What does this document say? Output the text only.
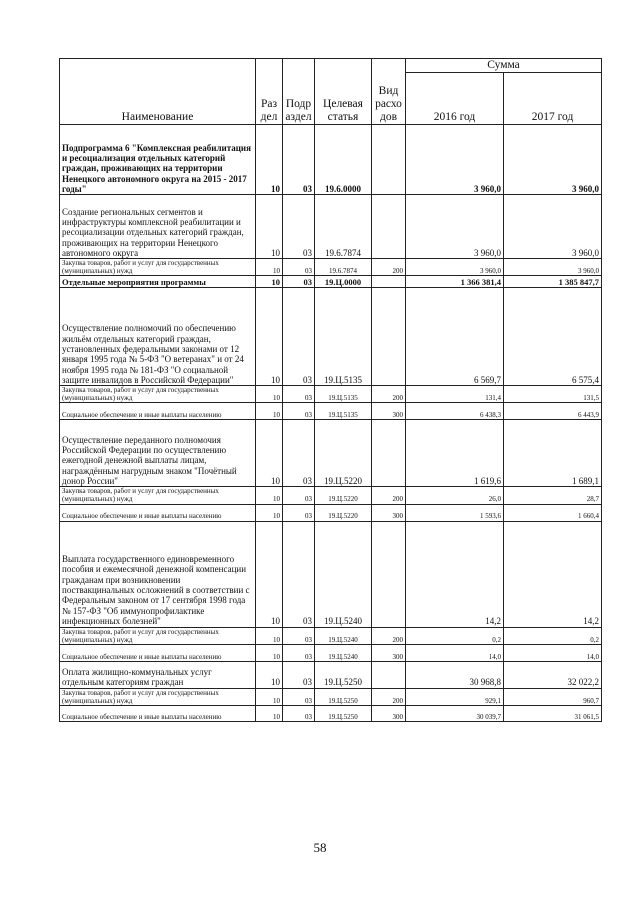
Наименование	Раз дел	Подр аздел	Целевая статья	Вид расхо дов	Сумма	
					2016 год	2017 год
Подпрограмма 6 "Комплексная реабилитация и ресоциализация отдельных категорий граждан, проживающих на территории Ненецкого автономного округа на 2015 - 2017 годы"	10	03	19.6.0000		3 960,0	3 960,0
Создание региональных сегментов и инфраструктуры комплексной реабилитации и ресоциализации отдельных категорий граждан, проживающих на территории Ненецкого автономного округа	10	03	19.6.7874		3 960,0	3 960,0
Закупка товаров, работ и услуг для государственных (муниципальных) нужд	10	03	19.6.7874	200	3 960,0	3 960,0
Отдельные мероприятия программы	10	03	19.Ц.0000		1 366 381,4	1 385 847,7
Осуществление полномочий по обеспечению жильём отдельных категорий граждан, установленных федеральными законами от 12 января 1995 года № 5-ФЗ "О ветеранах" и от 24 ноября 1995 года № 181-ФЗ "О социальной защите инвалидов в Российской Федерации"	10	03	19.Ц.5135		6 569,7	6 575,4
Закупка товаров, работ и услуг для государственных (муниципальных) нужд	10	03	19.Ц.5135	200	131,4	131,5
Социальное обеспечение и иные выплаты населению	10	03	19.Ц.5135	300	6 438,3	6 443,9
Осуществление переданного полномочия Российской Федерации по осуществлению ежегодной денежной выплаты лицам, награждённым нагрудным знаком "Почётный донор России"	10	03	19.Ц.5220		1 619,6	1 689,1
Закупка товаров, работ и услуг для государственных (муниципальных) нужд	10	03	19.Ц.5220	200	26,0	28,7
Социальное обеспечение и иные выплаты населению	10	03	19.Ц.5220	300	1 593,6	1 660,4
Выплата государственного единовременного пособия и ежемесячной денежной компенсации гражданам при возникновении поствакцинальных осложнений в соответствии с Федеральным законом от 17 сентября 1998 года № 157-ФЗ "Об иммунопрофилактике инфекционных болезней"	10	03	19.Ц.5240		14,2	14,2
Закупка товаров, работ и услуг для государственных (муниципальных) нужд	10	03	19.Ц.5240	200	0,2	0,2
Социальное обеспечение и иные выплаты населению	10	03	19.Ц.5240	300	14,0	14,0
Оплата жилищно-коммунальных услуг отдельным категориям граждан	10	03	19.Ц.5250		30 968,8	32 022,2
Закупка товаров, работ и услуг для государственных (муниципальных) нужд	10	03	19.Ц.5250	200	929,1	960,7
Социальное обеспечение и иные выплаты населению	10	03	19.Ц.5250	300	30 039,7	31 061,5
58
